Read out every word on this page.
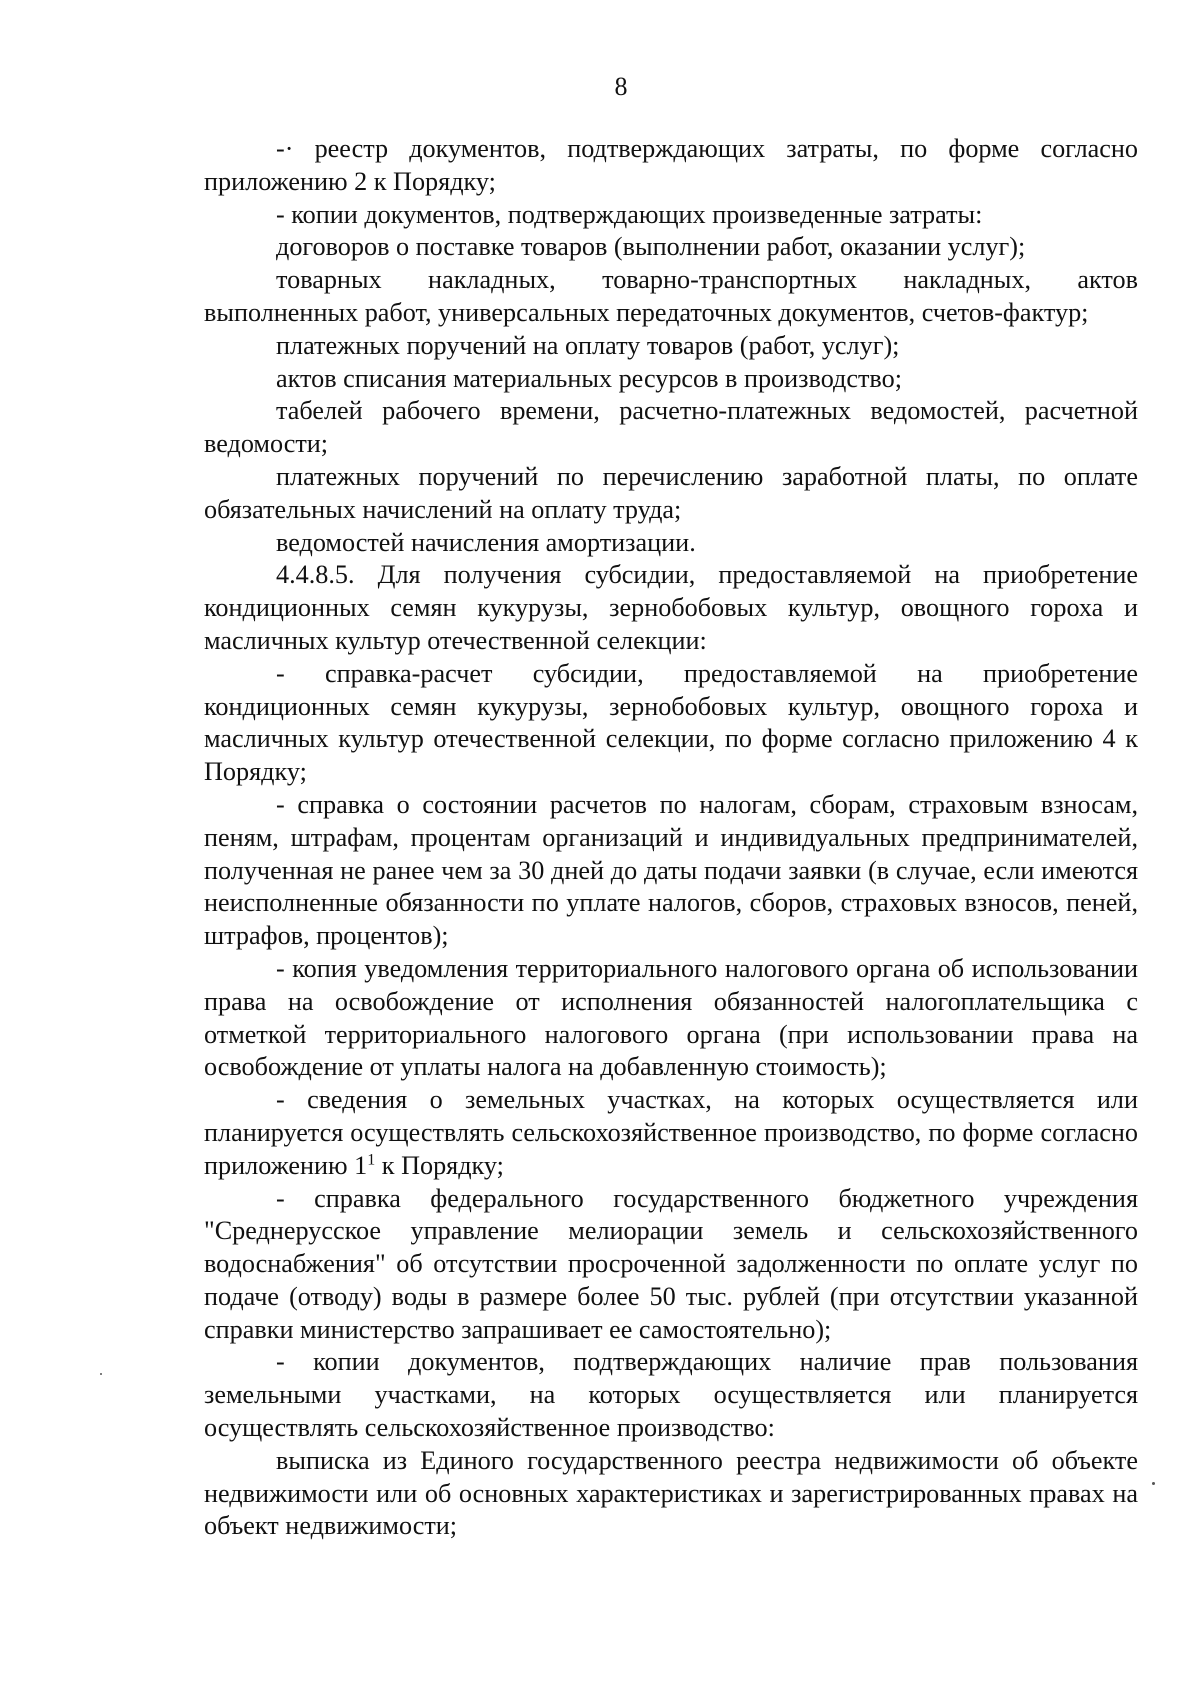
8

-· реестр документов, подтверждающих затраты, по форме согласно приложению 2 к Порядку;

- копии документов, подтверждающих произведенные затраты:

договоров о поставке товаров (выполнении работ, оказании услуг);

товарных накладных, товарно-транспортных накладных, актов выполненных работ, универсальных передаточных документов, счетов-фактур;

платежных поручений на оплату товаров (работ, услуг);

актов списания материальных ресурсов в производство;

табелей рабочего времени, расчетно-платежных ведомостей, расчетной ведомости;

платежных поручений по перечислению заработной платы, по оплате обязательных начислений на оплату труда;

ведомостей начисления амортизации.

4.4.8.5. Для получения субсидии, предоставляемой на приобретение кондиционных семян кукурузы, зернобобовых культур, овощного гороха и масличных культур отечественной селекции:

- справка-расчет субсидии, предоставляемой на приобретение кондиционных семян кукурузы, зернобобовых культур, овощного гороха и масличных культур отечественной селекции, по форме согласно приложению 4 к Порядку;

- справка о состоянии расчетов по налогам, сборам, страховым взносам, пеням, штрафам, процентам организаций и индивидуальных предпринимателей, полученная не ранее чем за 30 дней до даты подачи заявки (в случае, если имеются неисполненные обязанности по уплате налогов, сборов, страховых взносов, пеней, штрафов, процентов);

- копия уведомления территориального налогового органа об использовании права на освобождение от исполнения обязанностей налогоплательщика с отметкой территориального налогового органа (при использовании права на освобождение от уплаты налога на добавленную стоимость);

- сведения о земельных участках, на которых осуществляется или планируется осуществлять сельскохозяйственное производство, по форме согласно приложению $1^1$ к Порядку;

- справка федерального государственного бюджетного учреждения "Среднерусское управление мелиорации земель и сельскохозяйственного водоснабжения" об отсутствии просроченной задолженности по оплате услуг по подаче (отводу) воды в размере более 50 тыс. рублей (при отсутствии указанной справки министерство запрашивает ее самостоятельно);

- копии документов, подтверждающих наличие прав пользования земельными участками, на которых осуществляется или планируется осуществлять сельскохозяйственное производство:

выписка из Единого государственного реестра недвижимости об объекте недвижимости или об основных характеристиках и зарегистрированных правах на объект недвижимости;
